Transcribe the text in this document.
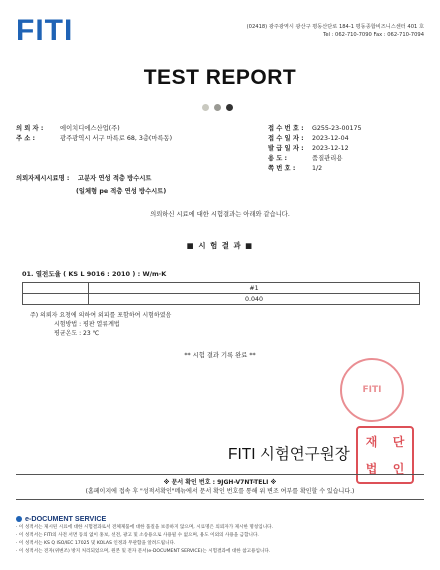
FITI	(02418) 광주광역시 광산구 평동산단로 184-1 평동종합비즈니스센터 401 호
Tel : 062-710-7090 Fax : 062-710-7094
TEST REPORT
의 뢰 자 :	에이치디에스산업(주)
주 소 :	광주광역시 서구 마륵로 68, 3층(마륵동)
접 수 번 호 : G255-23-00175
접 수 일 자 : 2023-12-04
발 급 일 자 : 2023-12-12
용 도 :	품질관리용
쪽 번 호 :	1/2
의뢰자제시시료명 : 고분자 연성 적층 방수시트
(일체형 pe 적층 연성 방수시트)
의뢰하신 시료에 대한 시험결과는 아래와 같습니다.
■ 시 험 결 과 ■
01. 열전도율 ( KS L 9016 : 2010 ) : W/m·K
	#1
	0.040
주) 의뢰자 요청에 의하여 외피를 포함하여 시험하였음
시험방법 : 평판 열류계법
평균온도 : 23 ℃
** 시험 결과 기록 완료 **
FITI
FITI 시험연구원장
재 단
법 인
※ 문서 확인 번호 : 9JGH-V7NT-TELI ※
(홈페이지에 접속 후 "성적서확인"메뉴에서 문서 확인 번호를 통해 위 변조 여부를 확인할 수 있습니다.)
e-DOCUMENT SERVICE
· 이 성적서는 제시된 시료에 대한 시험결과로서 전체제품에 대한 품질을 보증하지 않으며, 시료명은 의뢰자가 제시한 명칭입니다.
· 이 성적서는 FITI의 사전 서면 동의 없이 홍보, 선전, 광고 및 소송용으로 사용될 수 없으며, 용도 이외의 사용을 금합니다.
· 이 성적서는 KS Q ISO/IEC 17025 및 KOLAS 인정과 무관함을 알려드립니다.
· 이 성적서는 전자(위변조) 방지 처리되었으며, 원본 및 전자 문서(e-DOCUMENT SERVICE)는 시험결과에 대한 참고용입니다.
